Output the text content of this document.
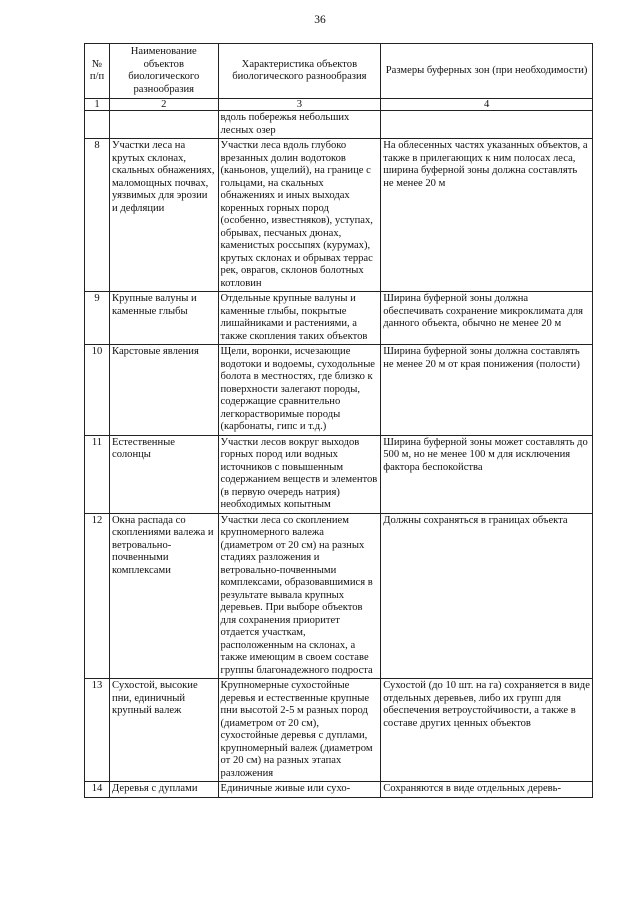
36
№ п/п	Наименование объектов биологического разнообразия	Характеристика объектов биологического разнообразия	Размеры буферных зон (при необходимости)
1	2	3	4
		вдоль побережья небольших лесных озер	
8	Участки леса на крутых склонах, скальных обнажениях, маломощных почвах, уязвимых для эрозии и дефляции	Участки леса вдоль глубоко врезанных долин водотоков (каньонов, ущелий), на границе с гольцами, на скальных обнажениях и иных выходах коренных горных пород (особенно, известняков), уступах, обрывах, песчаных дюнах, каменистых россыпях (курумах), крутых склонах и обрывах террас рек, оврагов, склонов болотных котловин	На облесенных частях указанных объектов, а также в прилегающих к ним полосах леса, ширина буферной зоны должна составлять не менее 20 м
9	Крупные валуны и каменные глыбы	Отдельные крупные валуны и каменные глыбы, покрытые лишайниками и растениями, а также скопления таких объектов	Ширина буферной зоны должна обеспечивать сохранение микроклимата для данного объекта, обычно не менее 20 м
10	Карстовые явления	Щели, воронки, исчезающие водотоки и водоемы, суходольные болота в местностях, где близко к поверхности залегают породы, содержащие сравнительно легкорастворимые породы (карбонаты, гипс и т.д.)	Ширина буферной зоны должна составлять не менее 20 м от края понижения (полости)
11	Естественные солонцы	Участки лесов вокруг выходов горных пород или водных источников с повышенным содержанием веществ и элементов (в первую очередь натрия) необходимых копытным	Ширина буферной зоны может составлять до 500 м, но не менее 100 м для исключения фактора беспокойства
12	Окна распада со скоплениями валежа и ветровально-почвенными комплексами	Участки леса со скоплением крупномерного валежа (диаметром от 20 см) на разных стадиях разложения и ветровально-почвенными комплексами, образовавшимися в результате вывала крупных деревьев. При выборе объектов для сохранения приоритет отдается участкам, расположенным на склонах, а также имеющим в своем составе группы благонадежного подроста	Должны сохраняться в границах объекта
13	Сухостой, высокие пни, единичный крупный валеж	Крупномерные сухостойные деревья и естественные крупные пни высотой 2-5 м разных пород (диаметром от 20 см), сухостойные деревья с дуплами, крупномерный валеж (диаметром от 20 см) на разных этапах разложения	Сухостой (до 10 шт. на га) сохраняется в виде отдельных деревьев, либо их групп для обеспечения ветроустойчивости, а также в составе других ценных объектов
14	Деревья с дуплами	Единичные живые или сухо-	Сохраняются в виде отдельных деревь-
